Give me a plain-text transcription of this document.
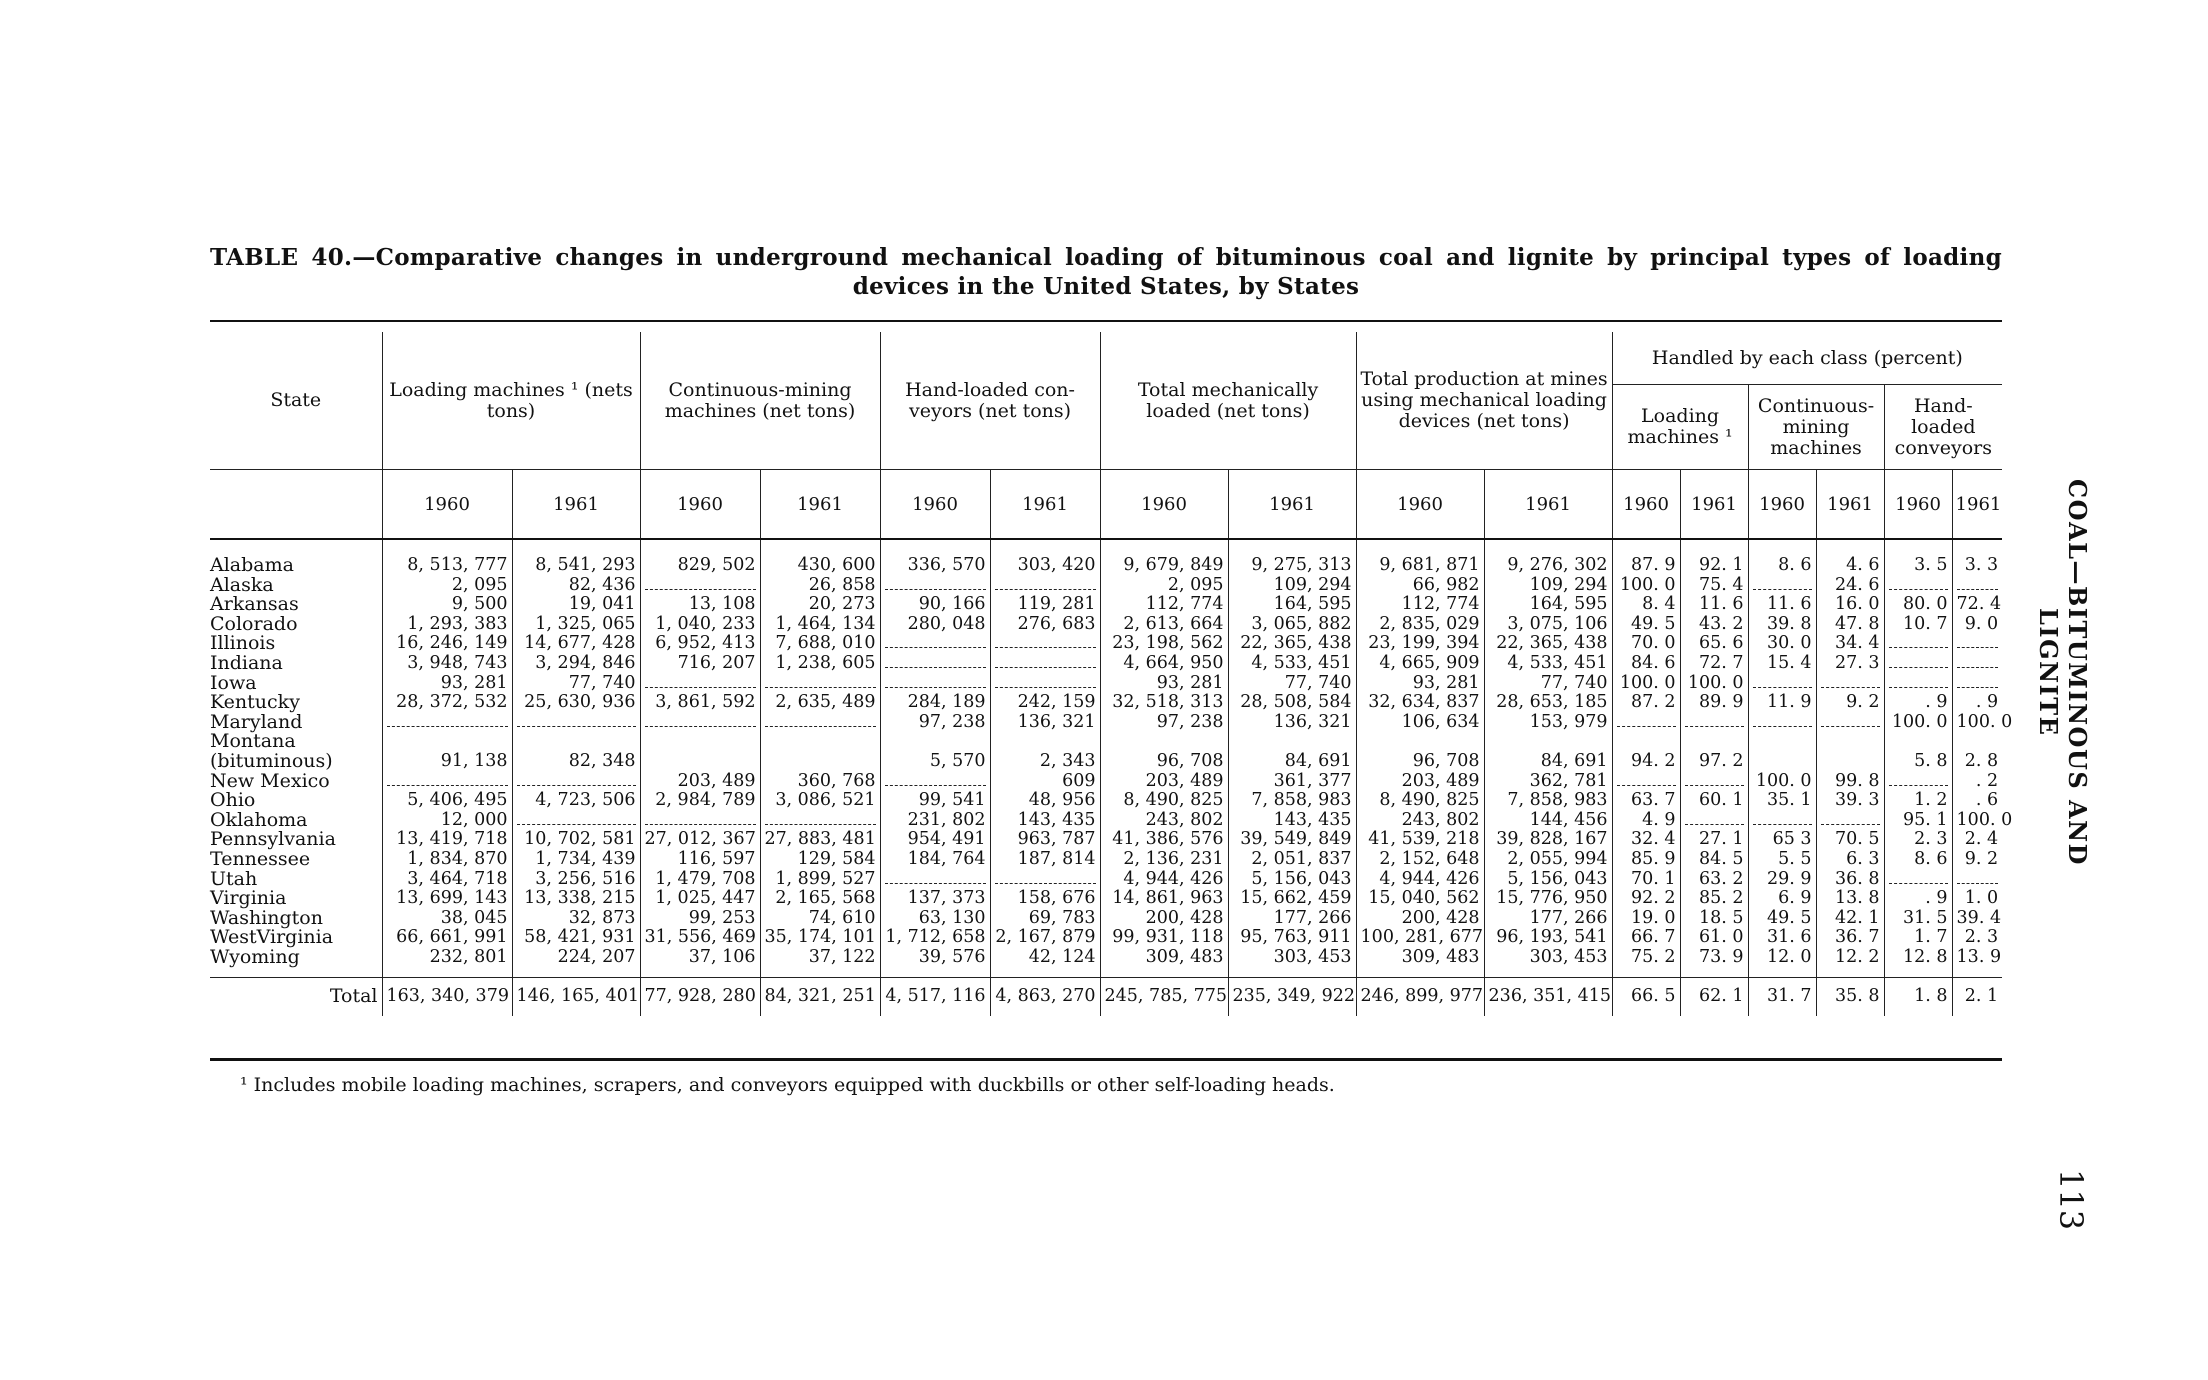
TABLE 40.—Comparative changes in underground mechanical loading of bituminous coal and lignite by principal types of loading
devices in the United States, by States
State	Loading machines ¹ (nets tons)		Continuous-mining machines (net tons)		Hand-loaded con- veyors (net tons)		Total mechanically loaded (net tons)		Total production at mines using mechanical loading devices (net tons)		Handled by each class (percent)					
											Loading machines ¹		Continuous- mining machines		Hand- loaded conveyors	
	1960	1961	1960	1961	1960	1961	1960	1961	1960	1961	1960	1961	1960	1961	1960	1961
Alabama	8, 513, 777	8, 541, 293	829, 502	430, 600	336, 570	303, 420	9, 679, 849	9, 275, 313	9, 681, 871	9, 276, 302	87. 9	92. 1	8. 6	4. 6	3. 5	3. 3
Alaska	2, 095	82, 436		26, 858			2, 095	109, 294	66, 982	109, 294	100. 0	75. 4		24. 6		
Arkansas	9, 500	19, 041	13, 108	20, 273	90, 166	119, 281	112, 774	164, 595	112, 774	164, 595	8. 4	11. 6	11. 6	16. 0	80. 0	72. 4
Colorado	1, 293, 383	1, 325, 065	1, 040, 233	1, 464, 134	280, 048	276, 683	2, 613, 664	3, 065, 882	2, 835, 029	3, 075, 106	49. 5	43. 2	39. 8	47. 8	10. 7	9. 0
Illinois	16, 246, 149	14, 677, 428	6, 952, 413	7, 688, 010			23, 198, 562	22, 365, 438	23, 199, 394	22, 365, 438	70. 0	65. 6	30. 0	34. 4		
Indiana	3, 948, 743	3, 294, 846	716, 207	1, 238, 605			4, 664, 950	4, 533, 451	4, 665, 909	4, 533, 451	84. 6	72. 7	15. 4	27. 3		
Iowa	93, 281	77, 740					93, 281	77, 740	93, 281	77, 740	100. 0	100. 0				
Kentucky	28, 372, 532	25, 630, 936	3, 861, 592	2, 635, 489	284, 189	242, 159	32, 518, 313	28, 508, 584	32, 634, 837	28, 653, 185	87. 2	89. 9	11. 9	9. 2	. 9	. 9
Maryland					97, 238	136, 321	97, 238	136, 321	106, 634	153, 979					100. 0	100. 0
Montana																
(bituminous)	91, 138	82, 348			5, 570	2, 343	96, 708	84, 691	96, 708	84, 691	94. 2	97. 2			5. 8	2. 8
New Mexico			203, 489	360, 768		609	203, 489	361, 377	203, 489	362, 781			100. 0	99. 8		. 2
Ohio	5, 406, 495	4, 723, 506	2, 984, 789	3, 086, 521	99, 541	48, 956	8, 490, 825	7, 858, 983	8, 490, 825	7, 858, 983	63. 7	60. 1	35. 1	39. 3	1. 2	. 6
Oklahoma	12, 000				231, 802	143, 435	243, 802	143, 435	243, 802	144, 456	4. 9				95. 1	100. 0
Pennsylvania	13, 419, 718	10, 702, 581	27, 012, 367	27, 883, 481	954, 491	963, 787	41, 386, 576	39, 549, 849	41, 539, 218	39, 828, 167	32. 4	27. 1	65 3	70. 5	2. 3	2. 4
Tennessee	1, 834, 870	1, 734, 439	116, 597	129, 584	184, 764	187, 814	2, 136, 231	2, 051, 837	2, 152, 648	2, 055, 994	85. 9	84. 5	5. 5	6. 3	8. 6	9. 2
Utah	3, 464, 718	3, 256, 516	1, 479, 708	1, 899, 527			4, 944, 426	5, 156, 043	4, 944, 426	5, 156, 043	70. 1	63. 2	29. 9	36. 8		
Virginia	13, 699, 143	13, 338, 215	1, 025, 447	2, 165, 568	137, 373	158, 676	14, 861, 963	15, 662, 459	15, 040, 562	15, 776, 950	92. 2	85. 2	6. 9	13. 8	. 9	1. 0
Washington	38, 045	32, 873	99, 253	74, 610	63, 130	69, 783	200, 428	177, 266	200, 428	177, 266	19. 0	18. 5	49. 5	42. 1	31. 5	39. 4
WestVirginia	66, 661, 991	58, 421, 931	31, 556, 469	35, 174, 101	1, 712, 658	2, 167, 879	99, 931, 118	95, 763, 911	100, 281, 677	96, 193, 541	66. 7	61. 0	31. 6	36. 7	1. 7	2. 3
Wyoming	232, 801	224, 207	37, 106	37, 122	39, 576	42, 124	309, 483	303, 453	309, 483	303, 453	75. 2	73. 9	12. 0	12. 2	12. 8	13. 9

Total	163, 340, 379	146, 165, 401	77, 928, 280	84, 321, 251	4, 517, 116	4, 863, 270	245, 785, 775	235, 349, 922	246, 899, 977	236, 351, 415	66. 5	62. 1	31. 7	35. 8	1. 8	2. 1
¹ Includes mobile loading machines, scrapers, and conveyors equipped with duckbills or other self-loading heads.
COAL—BITUMINOUS AND LIGNITE
113
